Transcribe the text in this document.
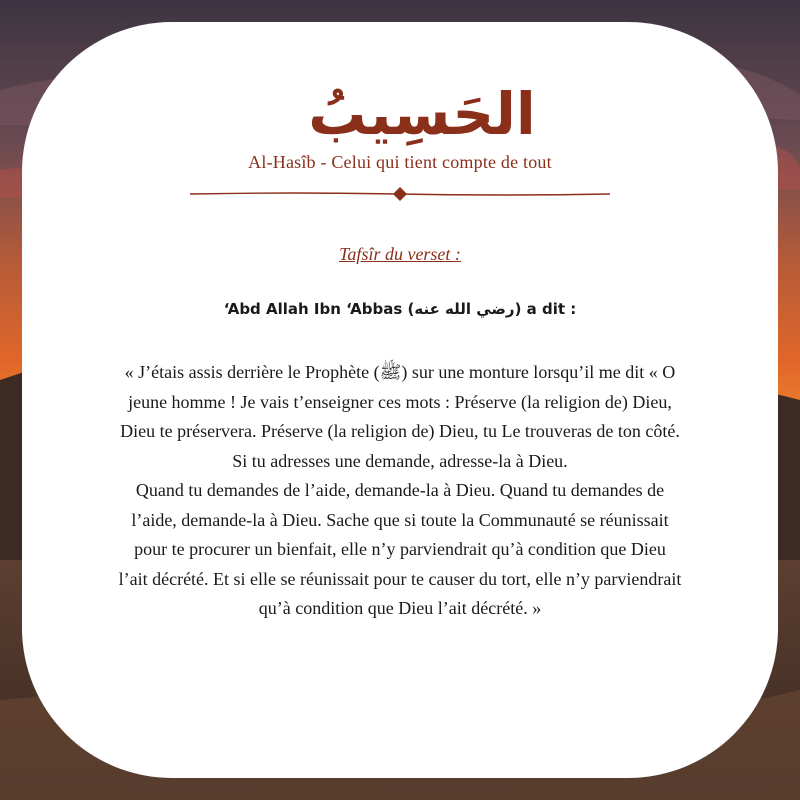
الحَسِيبُ
Al-Hasîb - Celui qui tient compte de tout
Tafsîr du verset :
‘Abd Allah Ibn ‘Abbas (رضي الله عنه) a dit :
« J’étais assis derrière le Prophète (ﷺ) sur une monture lorsqu’il me dit « O
jeune homme ! Je vais t’enseigner ces mots : Préserve (la religion de) Dieu,
Dieu te préservera. Préserve (la religion de) Dieu, tu Le trouveras de ton côté.
Si tu adresses une demande, adresse-la à Dieu.
Quand tu demandes de l’aide, demande-la à Dieu. Quand tu demandes de
l’aide, demande-la à Dieu. Sache que si toute la Communauté se réunissait
pour te procurer un bienfait, elle n’y parviendrait qu’à condition que Dieu
l’ait décrété. Et si elle se réunissait pour te causer du tort, elle n’y parviendrait
qu’à condition que Dieu l’ait décrété. »
